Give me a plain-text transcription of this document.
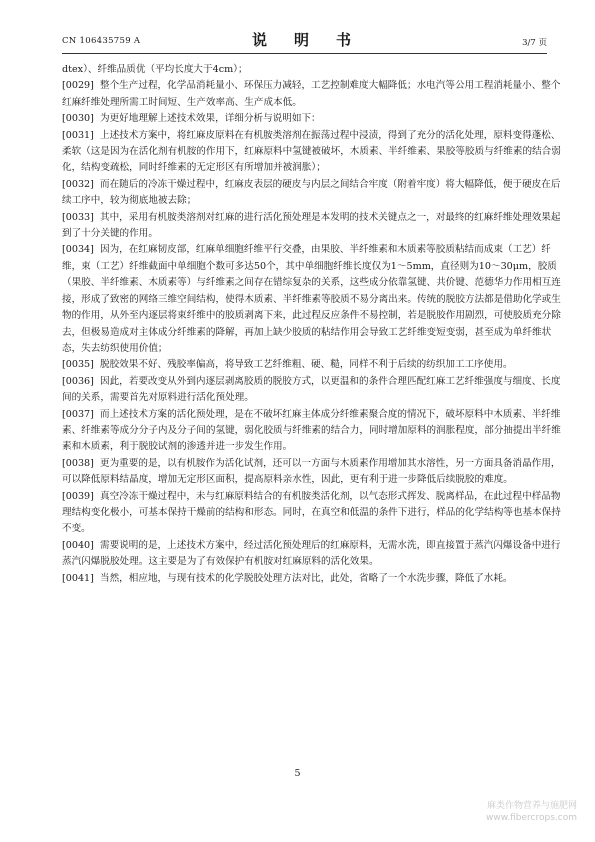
CN 106435759 A	说　明　书	3/7 页

dtex）、纤维品质优（平均长度大于4cm）；

[0029] 整个生产过程，化学品消耗量小、环保压力减轻，工艺控制难度大幅降低；水电汽等公用工程消耗量小、整个红麻纤维处理所需工时间短、生产效率高、生产成本低。

[0030] 为更好地理解上述技术效果，详细分析与说明如下：

[0031] 上述技术方案中，将红麻皮原料在有机胺类溶剂在振荡过程中浸渍，得到了充分的活化处理，原料变得蓬松、柔软（这是因为在活化剂有机胺的作用下，红麻原料中氢键被破坏，木质素、半纤维素、果胶等胶质与纤维素的结合弱化，结构变疏松，同时纤维素的无定形区有所增加并被润胀）；

[0032] 而在随后的冷冻干燥过程中，红麻皮表层的硬皮与内层之间结合牢度（附着牢度）将大幅降低，便于硬皮在后续工序中，较为彻底地被去除；

[0033] 其中，采用有机胺类溶剂对红麻的进行活化预处理是本发明的技术关键点之一，对最终的红麻纤维处理效果起到了十分关键的作用。

[0034] 因为，在红麻韧皮部，红麻单细胞纤维平行交叠，由果胶、半纤维素和木质素等胶质粘结而成束（工艺）纤维，束（工艺）纤维截面中单细胞个数可多达50个，其中单细胞纤维长度仅为1～5mm，直径则为10～30μm，胶质（果胶、半纤维素、木质素等）与纤维素之间存在错综复杂的关系，这些成分依靠氢键、共价键、范德华力作用相互连接，形成了致密的网络三维空间结构，使得木质素、半纤维素等胶质不易分离出来。传统的脱胶方法都是借助化学或生物的作用，从外至内逐层将束纤维中的胶质剥离下来，此过程反应条件不易控制，若是脱胶作用剧烈，可使胶质充分除去，但极易造成对主体成分纤维素的降解，再加上缺少胶质的粘结作用会导致工艺纤维变短变弱，甚至成为单纤维状态，失去纺织使用价值；

[0035] 脱胶效果不好、残胶率偏高，将导致工艺纤维粗、硬、糙，同样不利于后续的纺织加工工序使用。

[0036] 因此，若要改变从外到内逐层剥离胶质的脱胶方式，以更温和的条件合理匹配红麻工艺纤维强度与细度、长度间的关系，需要首先对原料进行活化预处理。

[0037] 而上述技术方案的活化预处理，是在不破坏红麻主体成分纤维素聚合度的情况下，破坏原料中木质素、半纤维素、纤维素等成分分子内及分子间的氢键，弱化胶质与纤维素的结合力，同时增加原料的润胀程度，部分抽提出半纤维素和木质素，利于脱胶试剂的渗透并进一步发生作用。

[0038] 更为重要的是，以有机胺作为活化试剂，还可以一方面与木质素作用增加其水溶性，另一方面具备消晶作用，可以降低原料结晶度，增加无定形区面积，提高原料亲水性，因此，更有利于进一步降低后续脱胶的难度。

[0039] 真空冷冻干燥过程中，未与红麻原料结合的有机胺类活化剂，以气态形式挥发、脱离样品，在此过程中样品物理结构变化极小，可基本保持干燥前的结构和形态。同时，在真空和低温的条件下进行，样品的化学结构等也基本保持不变。

[0040] 需要说明的是，上述技术方案中，经过活化预处理后的红麻原料，无需水洗，即直接置于蒸汽闪爆设备中进行蒸汽闪爆脱胶处理。这主要是为了有效保护有机胺对红麻原料的活化效果。

[0041] 当然，相应地，与现有技术的化学脱胶处理方法对比，此处，省略了一个水洗步骤，降低了水耗。

5
麻类作物营养与施肥网
www.fibercrops.com
